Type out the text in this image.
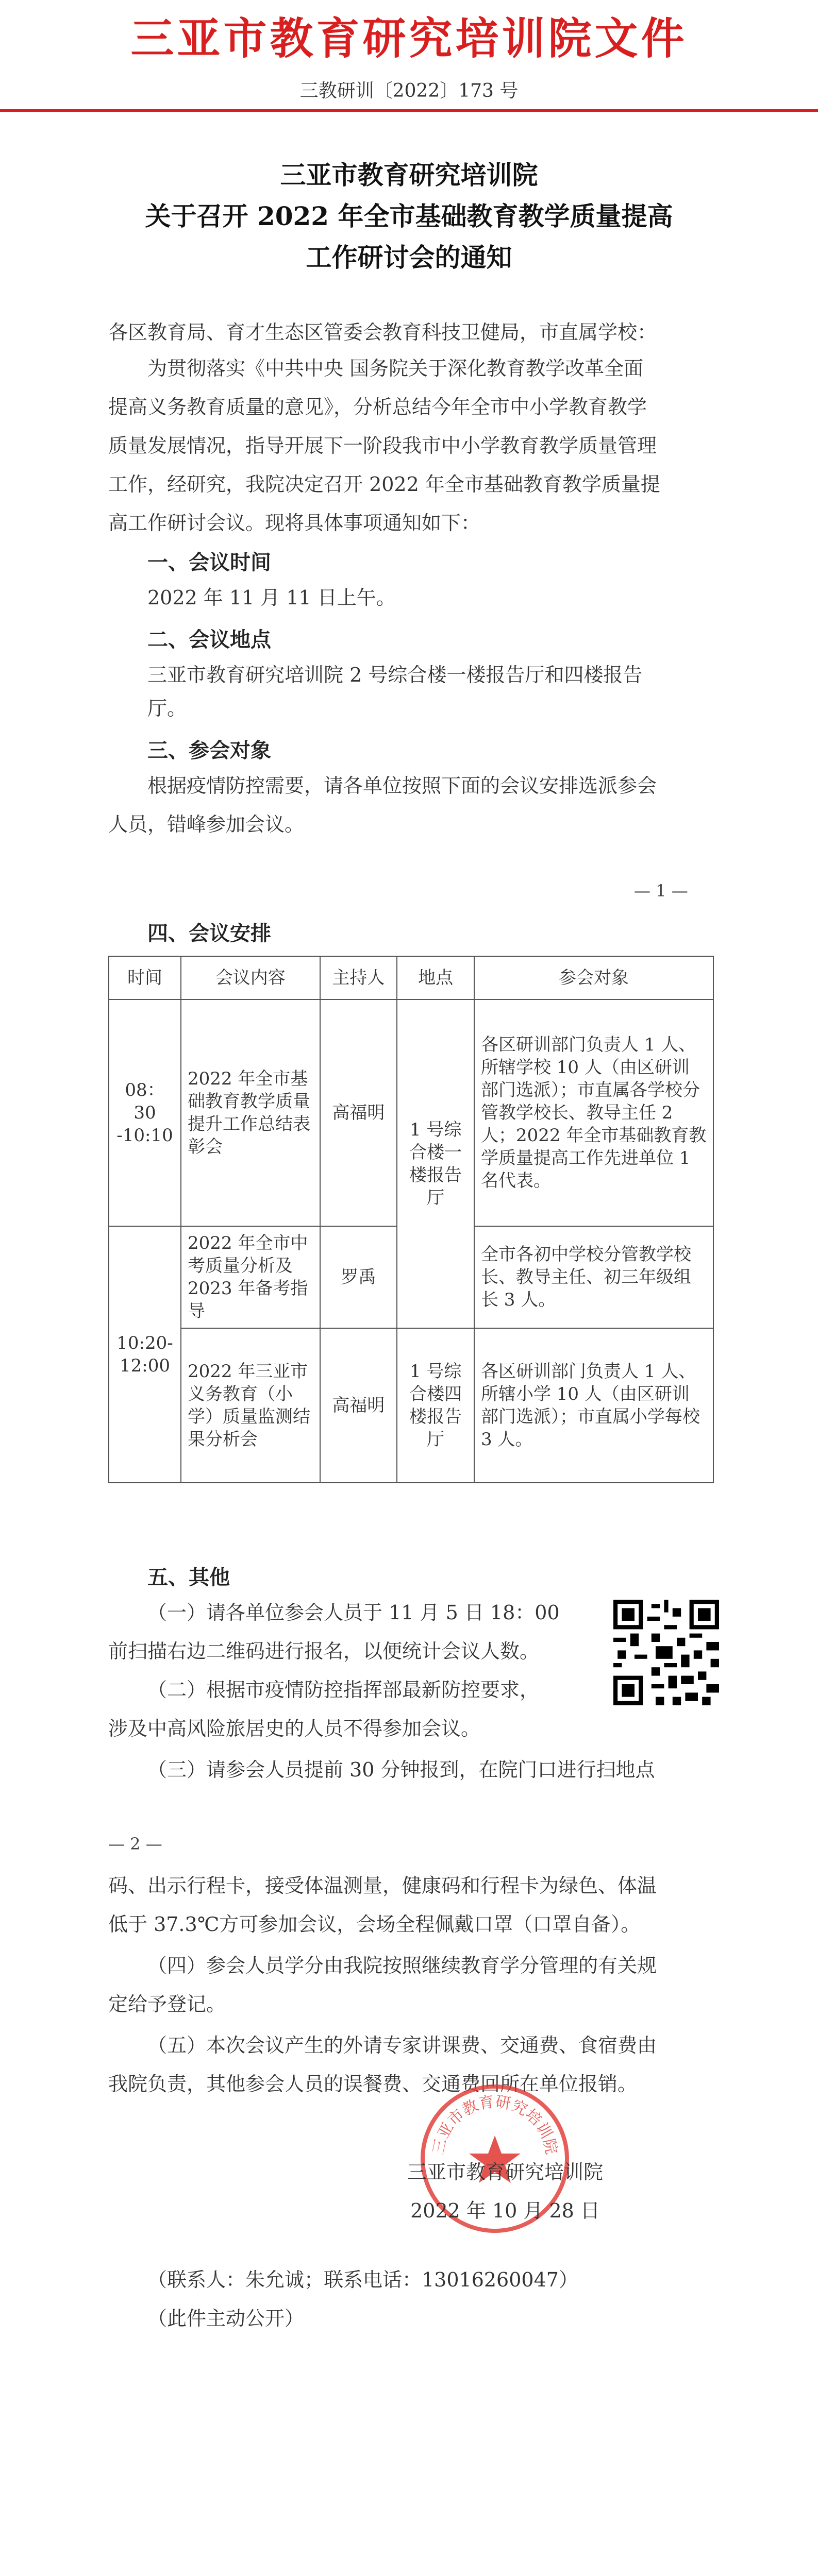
三亚市教育研究培训院文件
三教研训〔2022〕173 号
三亚市教育研究培训院
关于召开 2022 年全市基础教育教学质量提高
工作研讨会的通知
各区教育局、育才生态区管委会教育科技卫健局，市直属学校：
为贯彻落实《中共中央 国务院关于深化教育教学改革全面
提高义务教育质量的意见》，分析总结今年全市中小学教育教学
质量发展情况，指导开展下一阶段我市中小学教育教学质量管理
工作，经研究，我院决定召开 2022 年全市基础教育教学质量提
高工作研讨会议。现将具体事项通知如下：
一、会议时间
2022 年 11 月 11 日上午。
二、会议地点
三亚市教育研究培训院 2 号综合楼一楼报告厅和四楼报告
厅。
三、参会对象
根据疫情防控需要，请各单位按照下面的会议安排选派参会
人员，错峰参加会议。
— 1 —
四、会议安排
时间	会议内容	主持人	地点	参会对象
08：30 -10:10	2022 年全市基础教育教学质量提升工作总结表彰会	高福明	1 号综合楼一楼报告厅	各区研训部门负责人 1 人、所辖学校 10 人（由区研训部门选派）；市直属各学校分管教学校长、教导主任 2 人；2022 年全市基础教育教学质量提高工作先进单位 1 名代表。
10:20- 12:00	2022 年全市中考质量分析及 2023 年备考指导	罗禹		全市各初中学校分管教学校长、教导主任、初三年级组长 3 人。
	2022 年三亚市义务教育（小学）质量监测结果分析会	高福明	1 号综合楼四楼报告厅	各区研训部门负责人 1 人、所辖小学 10 人（由区研训部门选派）；市直属小学每校 3 人。
五、其他
（一）请各单位参会人员于 11 月 5 日 18：00
前扫描右边二维码进行报名，以便统计会议人数。
（二）根据市疫情防控指挥部最新防控要求，
涉及中高风险旅居史的人员不得参加会议。
（三）请参会人员提前 30 分钟报到，在院门口进行扫地点
— 2 —
码、出示行程卡，接受体温测量，健康码和行程卡为绿色、体温
低于 37.3℃方可参加会议，会场全程佩戴口罩（口罩自备）。
（四）参会人员学分由我院按照继续教育学分管理的有关规
定给予登记。
（五）本次会议产生的外请专家讲课费、交通费、食宿费由
我院负责，其他参会人员的误餐费、交通费回所在单位报销。
三亚市教育研究培训院
三亚市教育研究培训院
2022 年 10 月 28 日
（联系人：朱允诚；联系电话：13016260047）
（此件主动公开）
